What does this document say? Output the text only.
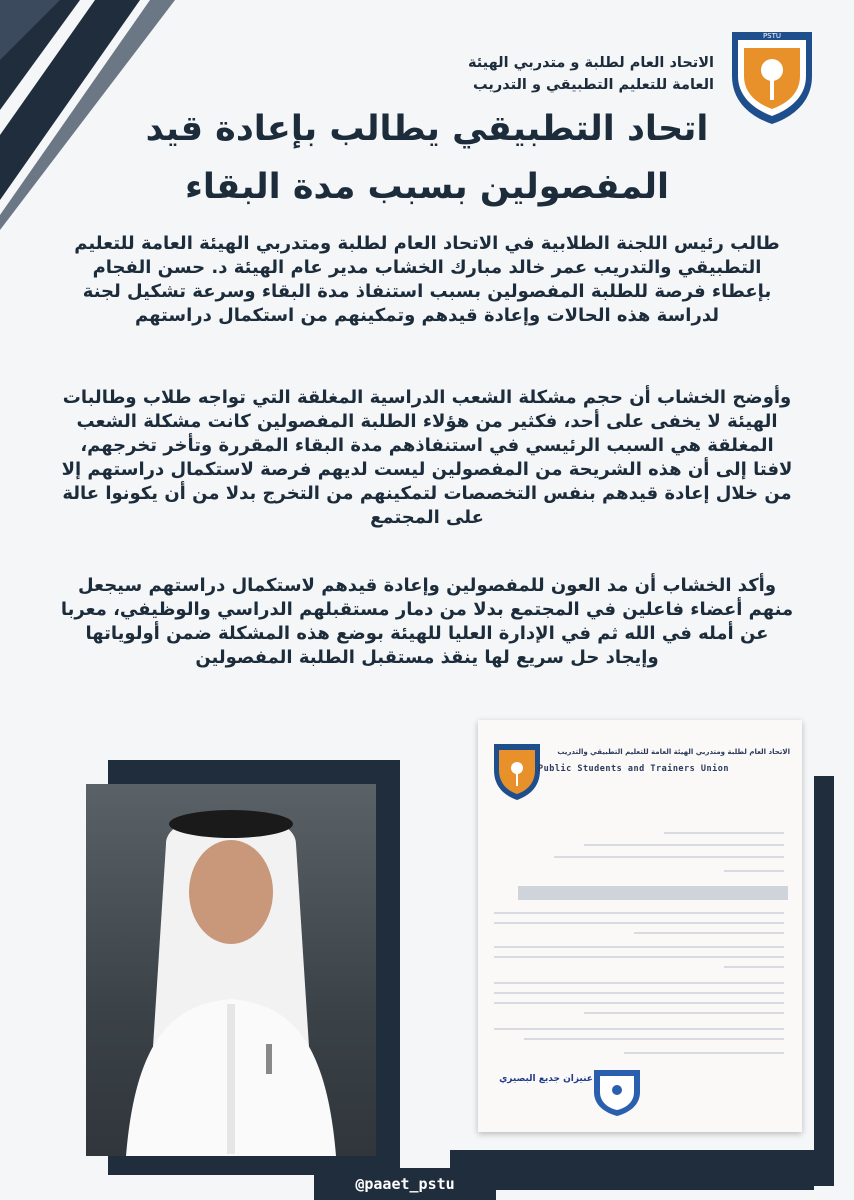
PSTU
الاتحاد العام لطلبة و متدربي الهيئة
العامة للتعليم التطبيقي و التدريب
اتحاد التطبيقي يطالب بإعادة قيد
المفصولين بسبب مدة البقاء

طالب رئيس اللجنة الطلابية في الاتحاد العام لطلبة ومتدربي الهيئة العامة للتعليم التطبيقي والتدريب عمر خالد مبارك الخشاب مدير عام الهيئة د. حسن الفجام بإعطاء فرصة للطلبة المفصولين بسبب استنفاذ مدة البقاء وسرعة تشكيل لجنة لدراسة هذه الحالات وإعادة قيدهم وتمكينهم من استكمال دراستهم

وأوضح الخشاب أن حجم مشكلة الشعب الدراسية المغلقة التي تواجه طلاب وطالبات الهيئة لا يخفى على أحد، فكثير من هؤلاء الطلبة المفصولين كانت مشكلة الشعب المغلقة هي السبب الرئيسي في استنفاذهم مدة البقاء المقررة وتأخر تخرجهم، لافتا إلى أن هذه الشريحة من المفصولين ليست لديهم فرصة لاستكمال دراستهم إلا من خلال إعادة قيدهم بنفس التخصصات لتمكينهم من التخرج بدلا من أن يكونوا عالة على المجتمع

وأكد الخشاب أن مد العون للمفصولين وإعادة قيدهم لاستكمال دراستهم سيجعل منهم أعضاء فاعلين في المجتمع بدلا من دمار مستقبلهم الدراسي والوظيفي، معربا عن أمله في الله ثم في الإدارة العليا للهيئة بوضع هذه المشكلة ضمن أولوياتها وإيجاد حل سريع لها ينقذ مستقبل الطلبة المفصولين

الاتحاد العام لطلبة ومتدربي الهيئة العامة للتعليم التطبيقي والتدريب
Public Students and Trainers Union
عنيزان جديع البصيري
@paaet_pstu
